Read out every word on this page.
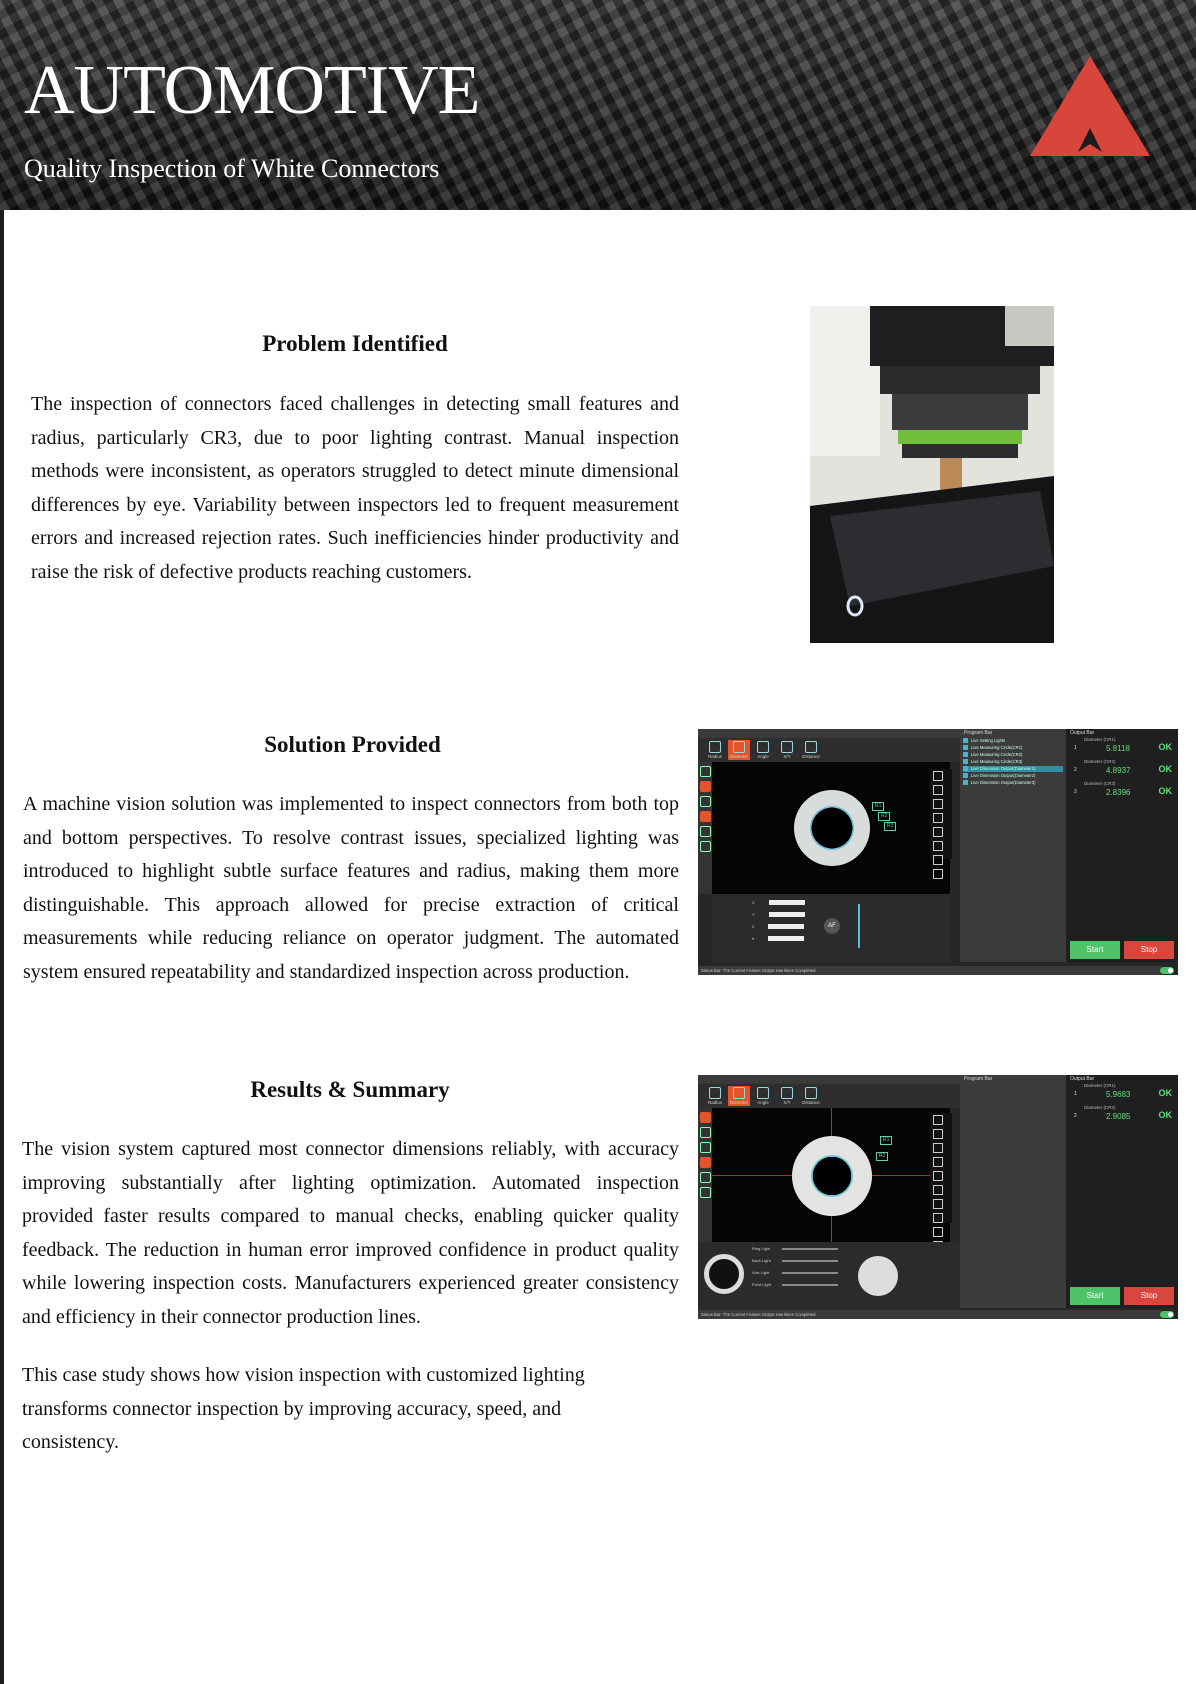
AUTOMOTIVE
Quality Inspection of White Connectors
Problem Identified

The inspection of connectors faced challenges in detecting small features and radius, particularly CR3, due to poor lighting contrast. Manual inspection methods were inconsistent, as operators struggled to detect minute dimensional differences by eye. Variability between inspectors led to frequent measurement errors and increased rejection rates. Such inefficiencies hinder productivity and raise the risk of defective products reaching customers.

Solution Provided

A machine vision solution was implemented to inspect connectors from both top and bottom perspectives. To resolve contrast issues, specialized lighting was introduced to highlight subtle surface features and radius, making them more distinguishable. This approach allowed for precise extraction of critical measurements while reducing reliance on operator judgment. The automated system ensured repeatability and standardized inspection across production.

Radius	Diameter	Angle	X/Y	Distance
R1
R2
R3
X
Y
Z
θ
AF
Program Bar
Live Setting Lights
Live Measuring Circle(CR1)
Live Measuring Circle(CR2)
Live Measuring Circle(CR3)
Live Dimension Output(Diameter1)
Live Dimension Output(Diameter2)
Live Dimension Output(Diameter3)
Output Bar
Diameter (CR1)
1	5.8118	OK
Diameter (CR2)
2	4.8937	OK
Diameter (CR3)
3	2.8396	OK
Start	Stop
Status Bar: The Current Feature Output Has Been Completed
Results & Summary

The vision system captured most connector dimensions reliably, with accuracy improving substantially after lighting optimization. Automated inspection provided faster results compared to manual checks, enabling quicker quality feedback. The reduction in human error improved confidence in product quality while lowering inspection costs. Manufacturers experienced greater consistency and efficiency in their connector production lines.

This case study shows how vision inspection with customized lighting transforms connector inspection by improving accuracy, speed, and consistency.

Radius	Diameter	Angle	X/Y	Distance
R1
R2
Ring Light
Back Light
Axis Light
Point Light
Program Bar	Output Bar
Diameter (CR1)
1	5.9683	OK
Diameter (CR2)
2	2.9085	OK
Start	Stop
Status Bar: The Current Feature Output Has Been Completed
